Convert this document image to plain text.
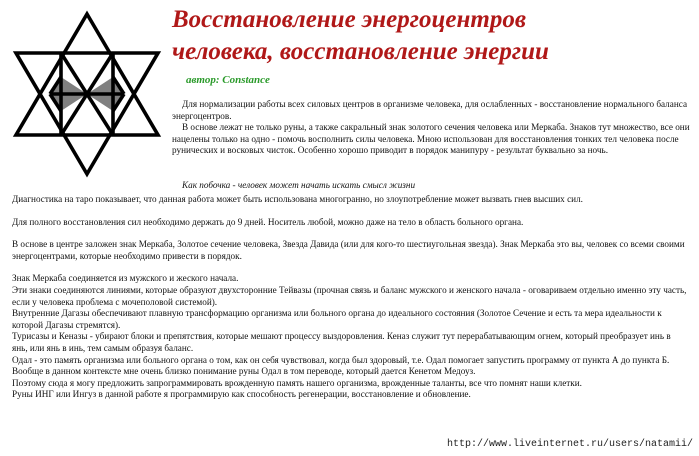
Восстановление энергоцентров
человека, восстановление энергии

автор: Constance

Для нормализации работы всех силовых центров в организме человека, для ослабленных - восстановление нормального баланса энергоцентров.

В основе лежат не только руны, а также сакральный знак золотого сечения человека или Меркаба. Знаков тут множество, все они нацелены только на одно - помочь восполнить силы человека. Мною использован для восстановления тонких тел человека после рунических и восковых чисток. Особенно хорошо приводит в порядок манипуру - результат буквально за ночь.

Как побочка - человек может начать искать смысл жизни

Диагностика на таро показывает, что данная работа может быть использована многогранно, но злоупотребление может вызвать гнев высших сил.

Для полного восстановления сил необходимо держать до 9 дней. Носитель любой, можно даже на тело в область больного органа.

В основе в центре заложен знак Меркаба, Золотое сечение человека, Звезда Давида (или для кого-то шестиугольная звезда). Знак Меркаба это вы, человек со всеми своими энергоцентрами, которые необходимо привести в порядок.

Знак Меркаба соединяется из мужского и жеского начала.

Эти знаки соединяются линиями, которые образуют двухсторонние Тейвазы (прочная связь и баланс мужского и женского начала - оговариваем отдельно именно эту часть, если у человека проблема с мочеполовой системой).

Внутренние Дагазы обеспечивают плавную трансформацию организма или больного органа до идеального состояния (Золотое Сечение и есть та мера идеальности к которой Дагазы стремятся).

Турисазы и Кеназы - убирают блоки и препятствия, которые мешают процессу выздоровления. Кеназ служит тут перерабатывающим огнем, который преобразует инь в янь, или янь в инь, тем самым образуя баланс.

Одал - это память организма или больного органа о том, как он себя чувствовал, когда был здоровый, т.е. Одал помогает запустить программу от пункта А до пункта Б. Вообще в данном контексте мне очень близко понимание руны Одал в том переводе, который дается Кенетом Медоуз.

Поэтому сюда я могу предложить запрограммировать врожденную память нашего организма, врожденные таланты, все что помнят наши клетки.

Руны ИНГ или Ингуз в данной работе я программирую как способность регенерации, восстановление и обновление.

http://www.liveinternet.ru/users/natamii/
